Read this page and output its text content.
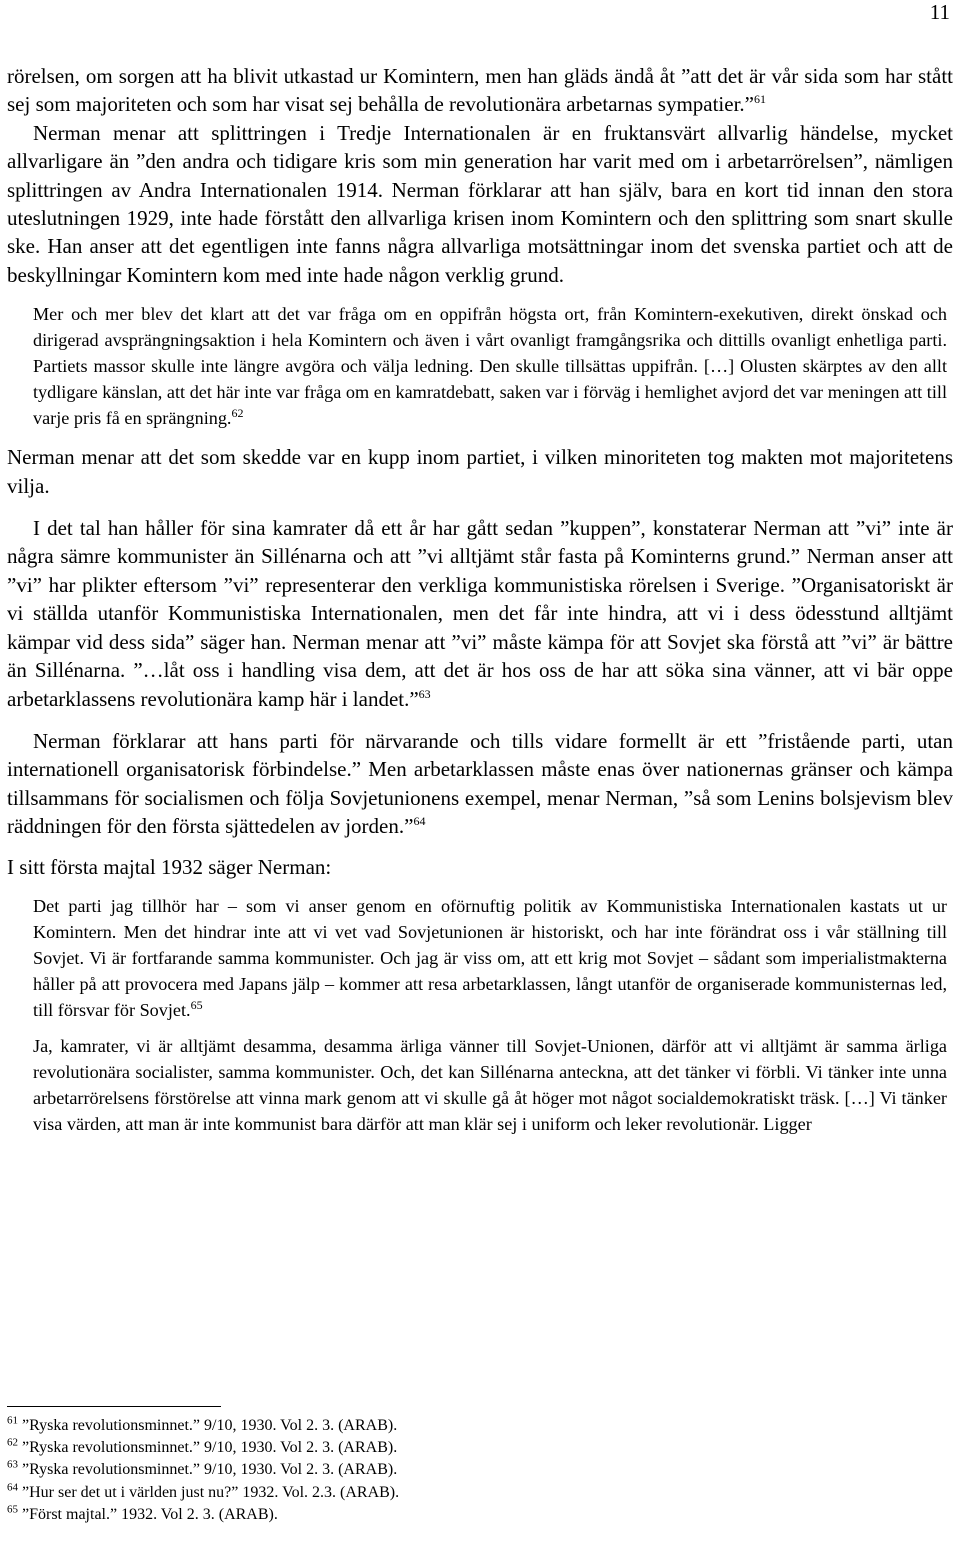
11

rörelsen, om sorgen att ha blivit utkastad ur Komintern, men han gläds ändå åt ”att det är vår sida som har stått sej som majoriteten och som har visat sej behålla de revolutionära arbetarnas sympatier.”$^{61}$

Nerman menar att splittringen i Tredje Internationalen är en fruktansvärt allvarlig händelse, mycket allvarligare än ”den andra och tidigare kris som min generation har varit med om i arbetarrörelsen”, nämligen splittringen av Andra Internationalen 1914. Nerman förklarar att han själv, bara en kort tid innan den stora uteslutningen 1929, inte hade förstått den allvarliga krisen inom Komintern och den splittring som snart skulle ske. Han anser att det egentligen inte fanns några allvarliga motsättningar inom det svenska partiet och att de beskyllningar Komintern kom med inte hade någon verklig grund.

Mer och mer blev det klart att det var fråga om en oppifrån högsta ort, från Komintern-exekutiven, direkt önskad och dirigerad avsprängningsaktion i hela Komintern och även i vårt ovanligt framgångsrika och dittills ovanligt enhetliga parti. Partiets massor skulle inte längre avgöra och välja ledning. Den skulle tillsättas uppifrån. […] Olusten skärptes av den allt tydligare känslan, att det här inte var fråga om en kamratdebatt, saken var i förväg i hemlighet avjord det var meningen att till varje pris få en sprängning.$^{62}$

Nerman menar att det som skedde var en kupp inom partiet, i vilken minoriteten tog makten mot majoritetens vilja.

I det tal han håller för sina kamrater då ett år har gått sedan ”kuppen”, konstaterar Nerman att ”vi” inte är några sämre kommunister än Sillénarna och att ”vi alltjämt står fasta på Kominterns grund.” Nerman anser att ”vi” har plikter eftersom ”vi” representerar den verkliga kommunistiska rörelsen i Sverige. ”Organisatoriskt är vi ställda utanför Kommunistiska Internationalen, men det får inte hindra, att vi i dess ödesstund alltjämt kämpar vid dess sida” säger han. Nerman menar att ”vi” måste kämpa för att Sovjet ska förstå att ”vi” är bättre än Sillénarna. ”…låt oss i handling visa dem, att det är hos oss de har att söka sina vänner, att vi bär oppe arbetarklassens revolutionära kamp här i landet.”$^{63}$

Nerman förklarar att hans parti för närvarande och tills vidare formellt är ett ”fristående parti, utan internationell organisatorisk förbindelse.” Men arbetarklassen måste enas över nationernas gränser och kämpa tillsammans för socialismen och följa Sovjetunionens exempel, menar Nerman, ”så som Lenins bolsjevism blev räddningen för den första sjättedelen av jorden.”$^{64}$

I sitt första majtal 1932 säger Nerman:

Det parti jag tillhör har – som vi anser genom en oförnuftig politik av Kommunistiska Internationalen kastats ut ur Komintern. Men det hindrar inte att vi vet vad Sovjetunionen är historiskt, och har inte förändrat oss i vår ställning till Sovjet. Vi är fortfarande samma kommunister. Och jag är viss om, att ett krig mot Sovjet – sådant som imperialistmakterna håller på att provocera med Japans jälp – kommer att resa arbetarklassen, långt utanför de organiserade kommunisternas led, till försvar för Sovjet.$^{65}$

Ja, kamrater, vi är alltjämt desamma, desamma ärliga vänner till Sovjet-Unionen, därför att vi alltjämt är samma ärliga revolutionära socialister, samma kommunister. Och, det kan Sillénarna anteckna, att det tänker vi förbli. Vi tänker inte unna arbetarrörelsens förstörelse att vinna mark genom att vi skulle gå åt höger mot något socialdemokratiskt träsk. […] Vi tänker visa värden, att man är inte kommunist bara därför att man klär sej i uniform och leker revolutionär. Ligger

$^{61}$ ”Ryska revolutionsminnet.” 9/10, 1930. Vol 2. 3. (ARAB).

$^{62}$ ”Ryska revolutionsminnet.” 9/10, 1930. Vol 2. 3. (ARAB).

$^{63}$ ”Ryska revolutionsminnet.” 9/10, 1930. Vol 2. 3. (ARAB).

$^{64}$ ”Hur ser det ut i världen just nu?” 1932. Vol. 2.3. (ARAB).

$^{65}$ ”Först majtal.” 1932. Vol 2. 3. (ARAB).
